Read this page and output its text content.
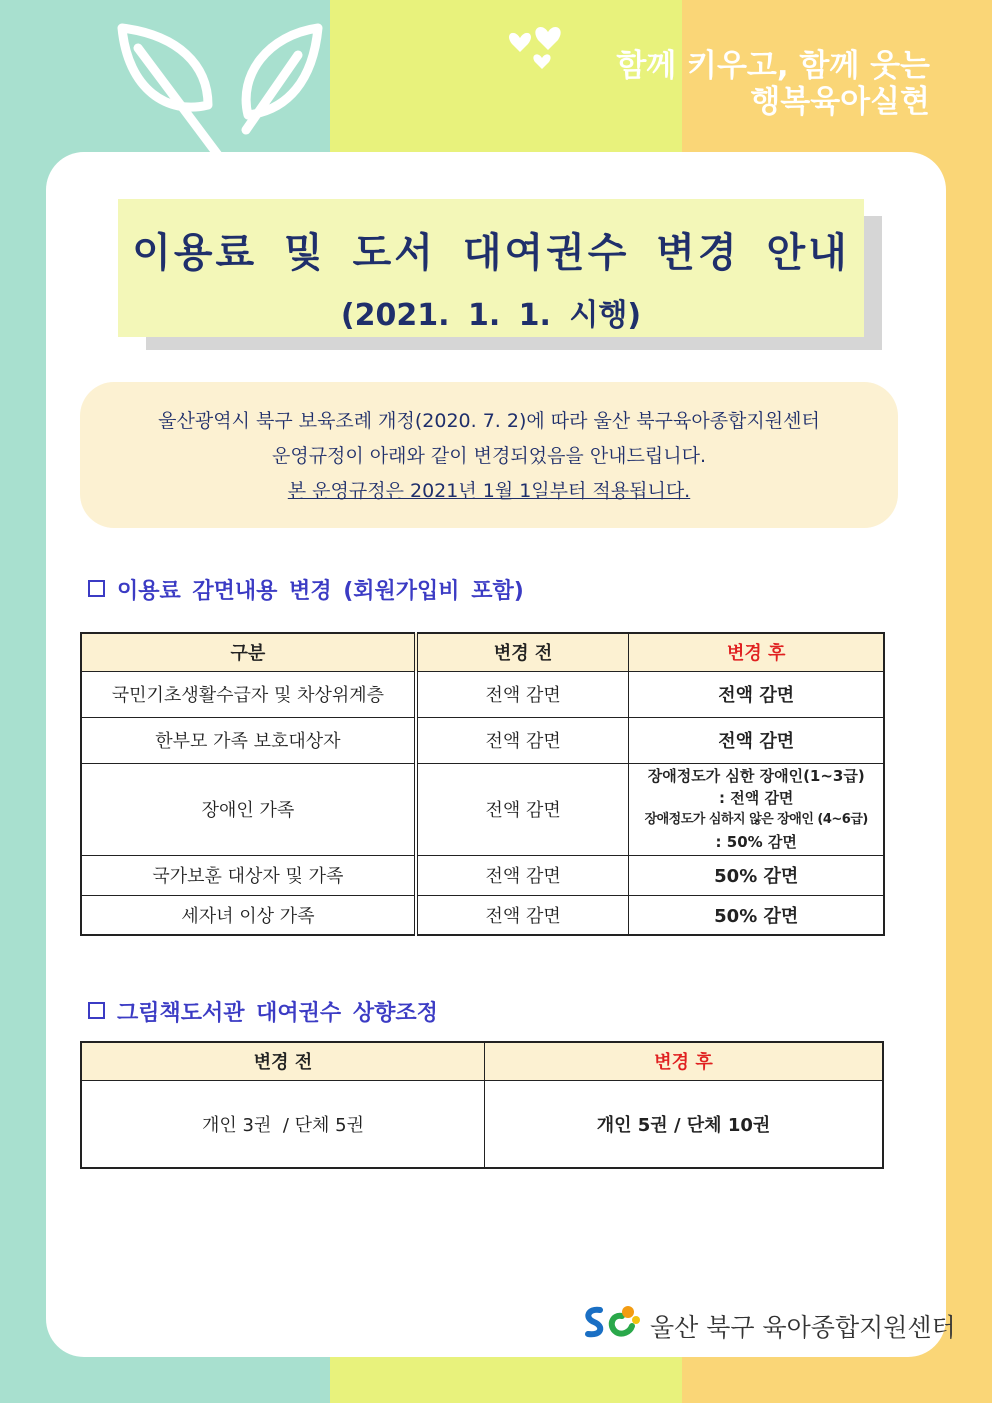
함께 키우고, 함께 웃는
행복육아실현
이용료 및 도서 대여권수 변경 안내
(2021. 1. 1. 시행)
울산광역시 북구 보육조례 개정(2020. 7. 2)에 따라 울산 북구육아종합지원센터
운영규정이 아래와 같이 변경되었음을 안내드립니다.
본 운영규정은 2021년 1월 1일부터 적용됩니다.
이용료 감면내용 변경 (회원가입비 포함)
구분	변경 전	변경 후
국민기초생활수급자 및 차상위계층	전액 감면	전액 감면
한부모 가족 보호대상자	전액 감면	전액 감면
장애인 가족	전액 감면	장애정도가 심한 장애인(1~3급)
: 전액 감면
장애정도가 심하지 않은 장애인 (4~6급)
: 50% 감면

국가보훈 대상자 및 가족	전액 감면	50% 감면
세자녀 이상 가족	전액 감면	50% 감면
그림책도서관 대여권수 상향조정
변경 전	변경 후
개인 3권  / 단체 5권	개인 5권 / 단체 10권
울산 북구 육아종합지원센터
